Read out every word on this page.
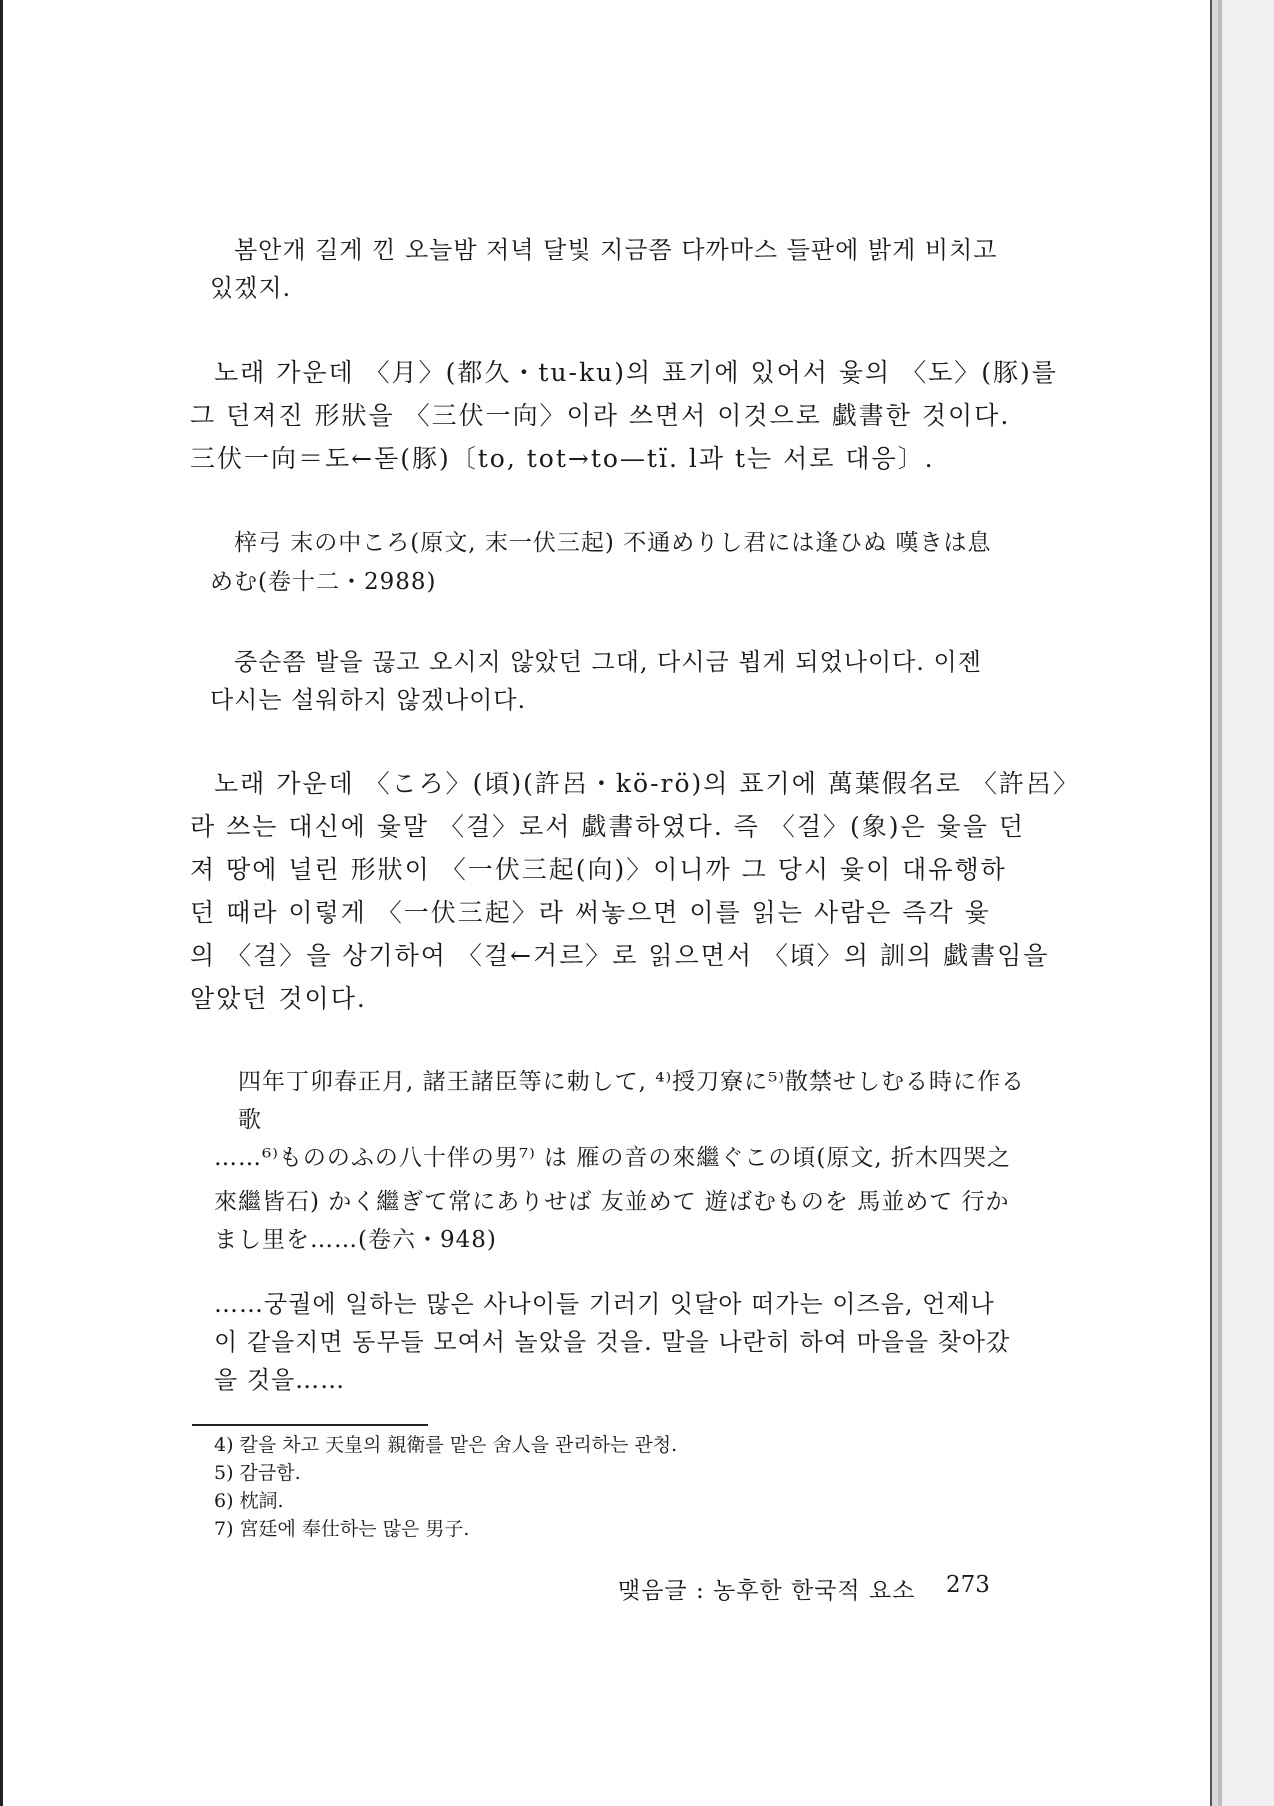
봄안개 길게 낀 오늘밤 저녁 달빛 지금쯤 다까마스 들판에 밝게 비치고
있겠지.
노래 가운데 〈月〉(都久・tu-ku)의 표기에 있어서 윷의 〈도〉(豚)를
그 던져진 形狀을 〈三伏一向〉이라 쓰면서 이것으로 戱書한 것이다.
三伏一向＝도←돋(豚)〔to, tot→to—tï. l과 t는 서로 대응〕.
梓弓 末の中ころ(原文, 末一伏三起) 不通めりし君には逢ひぬ 嘆きは息
めむ(卷十二・2988)
중순쯤 발을 끊고 오시지 않았던 그대, 다시금 뵙게 되었나이다. 이젠
다시는 설워하지 않겠나이다.
노래 가운데 〈ころ〉(頃)(許呂・kö-rö)의 표기에 萬葉假名로 〈許呂〉
라 쓰는 대신에 윷말 〈걸〉로서 戱書하였다. 즉 〈걸〉(象)은 윷을 던
져 땅에 널린 形狀이 〈一伏三起(向)〉이니까 그 당시 윷이 대유행하
던 때라 이렇게 〈一伏三起〉라 써놓으면 이를 읽는 사람은 즉각 윷
의 〈걸〉을 상기하여 〈걸←거르〉로 읽으면서 〈頃〉의 訓의 戱書임을
알았던 것이다.
四年丁卯春正月, 諸王諸臣等に勅して, ⁴⁾授刀寮に⁵⁾散禁せしむる時に作る
歌
……⁶⁾もののふの八十伴の男⁷⁾ は 雁の音の來繼ぐこの頃(原文, 折木四哭之
來繼皆石) かく繼ぎて常にありせば 友並めて 遊ばむものを 馬並めて 行か
まし里を……(卷六・948)
……궁궐에 일하는 많은 사나이들 기러기 잇달아 떠가는 이즈음, 언제나
이 같을지면 동무들 모여서 놀았을 것을. 말을 나란히 하여 마을을 찾아갔
을 것을……
4) 칼을 차고 天皇의 親衛를 맡은 舍人을 관리하는 관청.
5) 감금함.
6) 枕詞.
7) 宮廷에 奉仕하는 많은 男子.
맺음글 : 농후한 한국적 요소 273
